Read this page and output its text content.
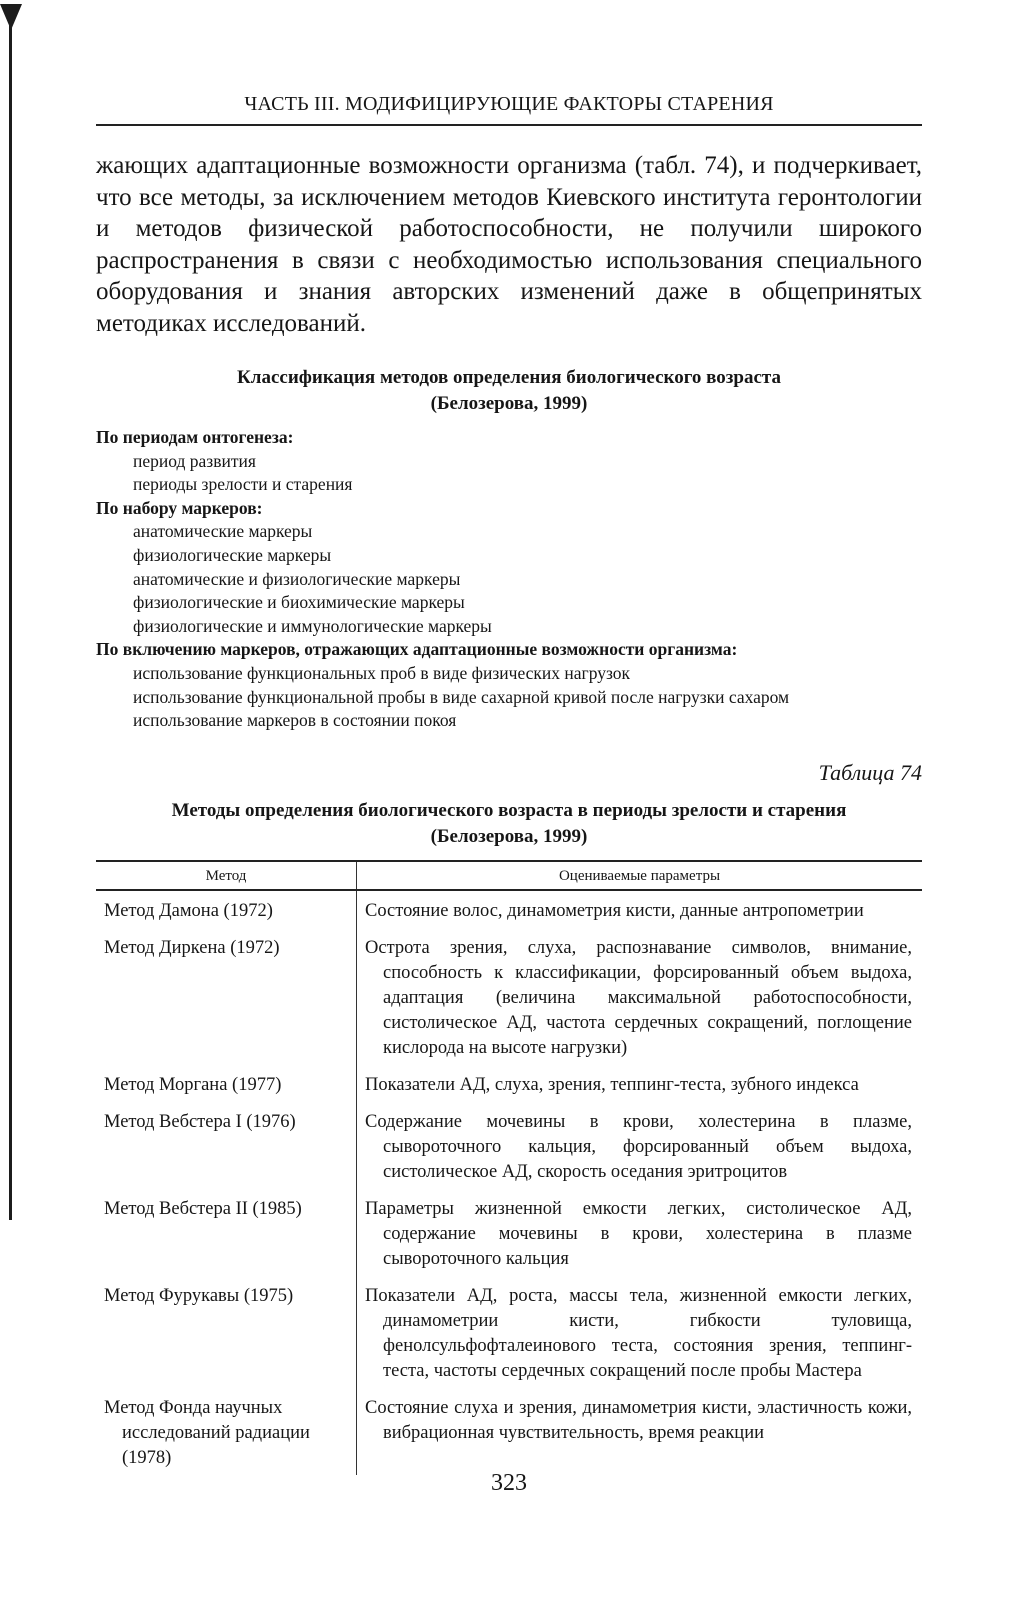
ЧАСТЬ III. МОДИФИЦИРУЮЩИЕ ФАКТОРЫ СТАРЕНИЯ

жающих адаптационные возможности организма (табл. 74), и подчеркивает, что все методы, за исключением методов Киевского института геронтологии и методов физической работоспособности, не получили широкого распространения в связи с необходимостью использования специального оборудования и знания авторских изменений даже в общепринятых методиках исследований.

Классификация методов определения биологического возраста
(Белозерова, 1999)
По периодам онтогенеза:
период развития
периоды зрелости и старения
По набору маркеров:
анатомические маркеры
физиологические маркеры
анатомические и физиологические маркеры
физиологические и биохимические маркеры
физиологические и иммунологические маркеры
По включению маркеров, отражающих адаптационные возможности организма:
использование функциональных проб в виде физических нагрузок
использование функциональной пробы в виде сахарной кривой после нагрузки сахаром
использование маркеров в состоянии покоя
Таблица 74
Методы определения биологического возраста в периоды зрелости и старения
(Белозерова, 1999)
Метод	Оцениваемые параметры

Метод Дамона (1972)	Состояние волос, динамометрия кисти, данные антропометрии

Метод Диркена (1972)	Острота зрения, слуха, распознавание символов, внимание, способность к классификации, форсированный объем выдоха, адаптация (величина максимальной работоспособности, систолическое АД, частота сердечных сокращений, поглощение кислорода на высоте нагрузки)

Метод Моргана (1977)	Показатели АД, слуха, зрения, теппинг-теста, зубного индекса

Метод Вебстера I (1976)	Содержание мочевины в крови, холестерина в плазме, сывороточного кальция, форсированный объем выдоха, систолическое АД, скорость оседания эритроцитов

Метод Вебстера II (1985)	Параметры жизненной емкости легких, систолическое АД, содержание мочевины в крови, холестерина в плазме сывороточного кальция

Метод Фурукавы (1975)	Показатели АД, роста, массы тела, жизненной емкости легких, динамометрии кисти, гибкости туловища, фенолсульфофталеинового теста, состояния зрения, теппинг-теста, частоты сердечных сокращений после пробы Мастера

Метод Фонда научных исследований радиации (1978)	Состояние слуха и зрения, динамометрия кисти, эластичность кожи, вибрационная чувствительность, время реакции
323
